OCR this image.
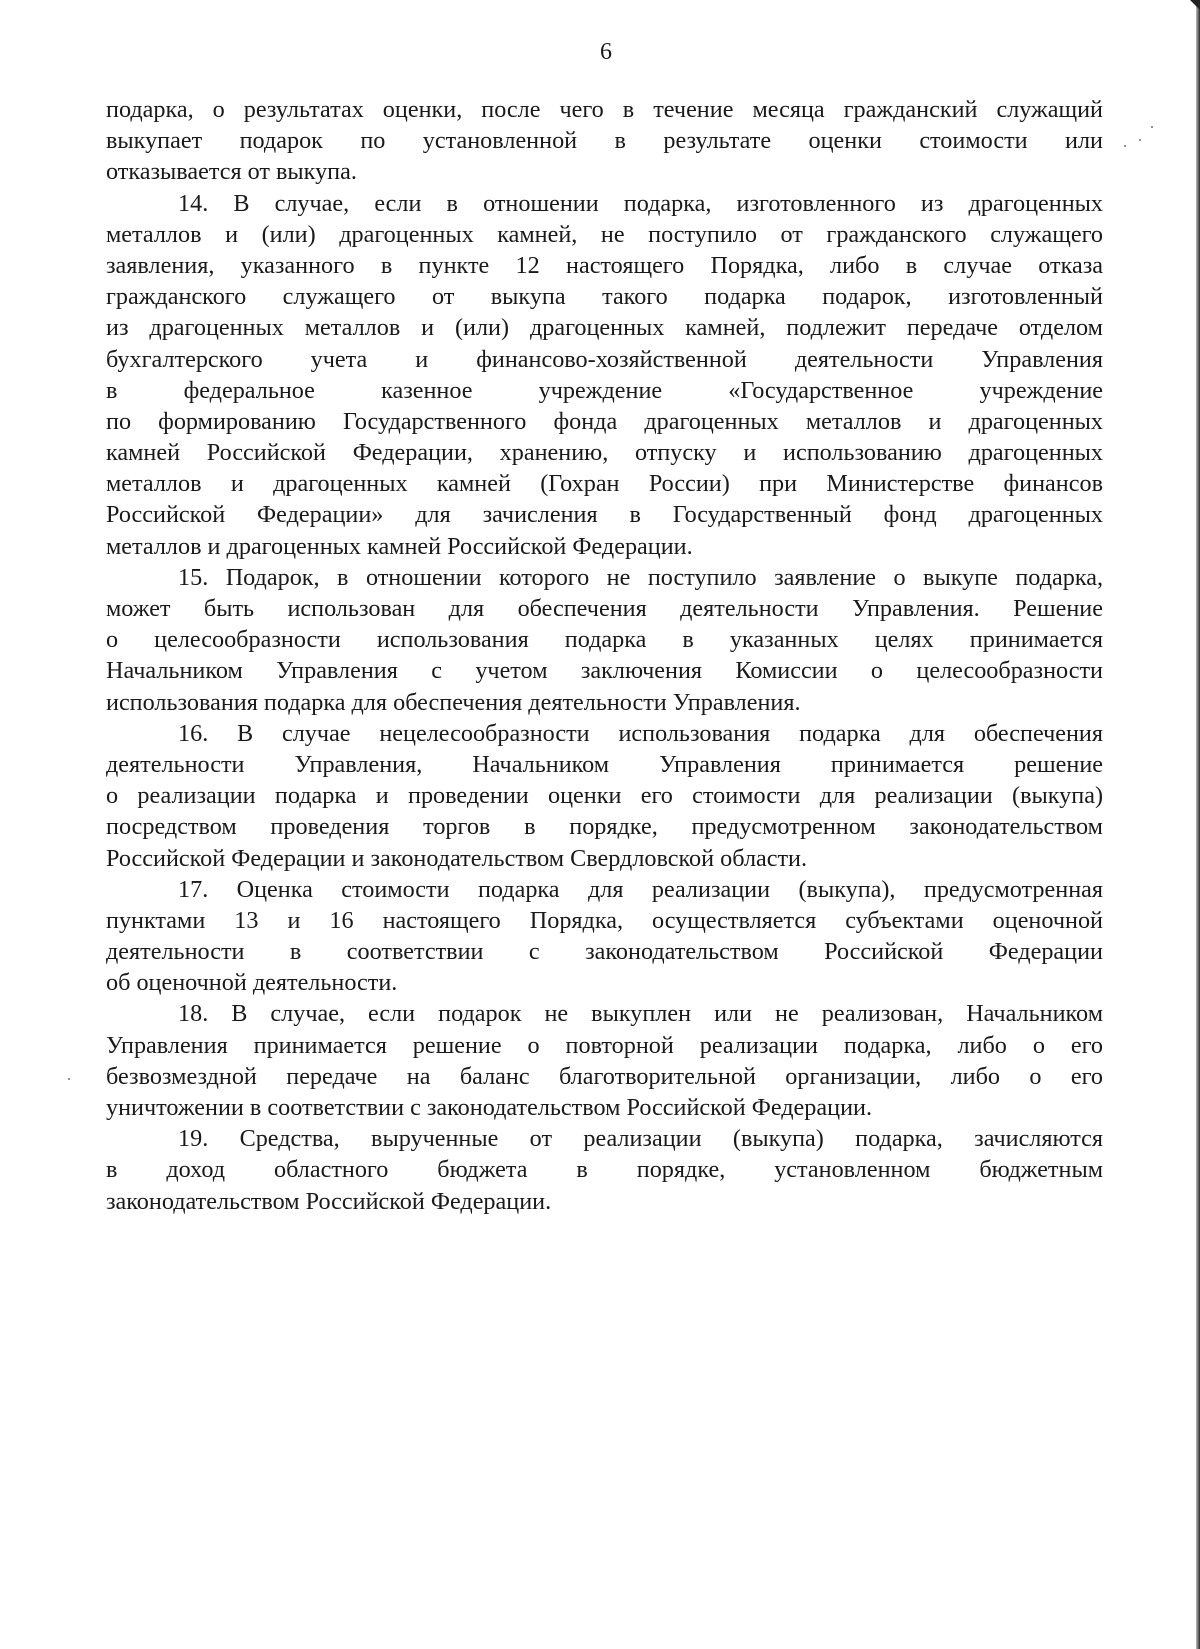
6
подарка, о результатах оценки, после чего в течение месяца гражданский служащий
выкупает подарок по установленной в результате оценки стоимости или
отказывается от выкупа.
14. В случае, если в отношении подарка, изготовленного из драгоценных
металлов и (или) драгоценных камней, не поступило от гражданского служащего
заявления, указанного в пункте 12 настоящего Порядка, либо в случае отказа
гражданского служащего от выкупа такого подарка подарок, изготовленный
из драгоценных металлов и (или) драгоценных камней, подлежит передаче отделом
бухгалтерского учета и финансово-хозяйственной деятельности Управления
в федеральное казенное учреждение «Государственное учреждение
по формированию Государственного фонда драгоценных металлов и драгоценных
камней Российской Федерации, хранению, отпуску и использованию драгоценных
металлов и драгоценных камней (Гохран России) при Министерстве финансов
Российской Федерации» для зачисления в Государственный фонд драгоценных
металлов и драгоценных камней Российской Федерации.
15. Подарок, в отношении которого не поступило заявление о выкупе подарка,
может быть использован для обеспечения деятельности Управления. Решение
о целесообразности использования подарка в указанных целях принимается
Начальником Управления с учетом заключения Комиссии о целесообразности
использования подарка для обеспечения деятельности Управления.
16. В случае нецелесообразности использования подарка для обеспечения
деятельности Управления, Начальником Управления принимается решение
о реализации подарка и проведении оценки его стоимости для реализации (выкупа)
посредством проведения торгов в порядке, предусмотренном законодательством
Российской Федерации и законодательством Свердловской области.
17. Оценка стоимости подарка для реализации (выкупа), предусмотренная
пунктами 13 и 16 настоящего Порядка, осуществляется субъектами оценочной
деятельности в соответствии с законодательством Российской Федерации
об оценочной деятельности.
18. В случае, если подарок не выкуплен или не реализован, Начальником
Управления принимается решение о повторной реализации подарка, либо о его
безвозмездной передаче на баланс благотворительной организации, либо о его
уничтожении в соответствии с законодательством Российской Федерации.
19. Средства, вырученные от реализации (выкупа) подарка, зачисляются
в доход областного бюджета в порядке, установленном бюджетным
законодательством Российской Федерации.
